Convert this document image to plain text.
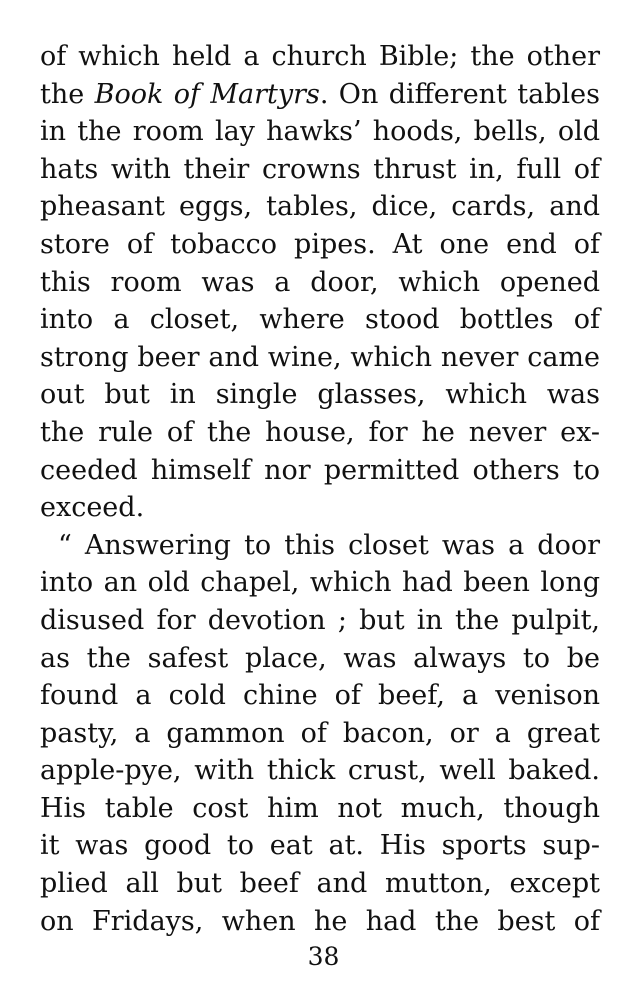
of which held a church Bible; the other
the Book of Martyrs. On different tables
in the room lay hawks’ hoods, bells, old
hats with their crowns thrust in, full of
pheasant eggs, tables, dice, cards, and
store of tobacco pipes. At one end of
this room was a door, which opened
into a closet, where stood bottles of
strong beer and wine, which never came
out but in single glasses, which was
the rule of the house, for he never ex-
ceeded himself nor permitted others to
exceed.
“ Answering to this closet was a door
into an old chapel, which had been long
disused for devotion ; but in the pulpit,
as the safest place, was always to be
found a cold chine of beef, a venison
pasty, a gammon of bacon, or a great
apple-pye, with thick crust, well baked.
His table cost him not much, though
it was good to eat at. His sports sup-
plied all but beef and mutton, except
on Fridays, when he had the best of
38
